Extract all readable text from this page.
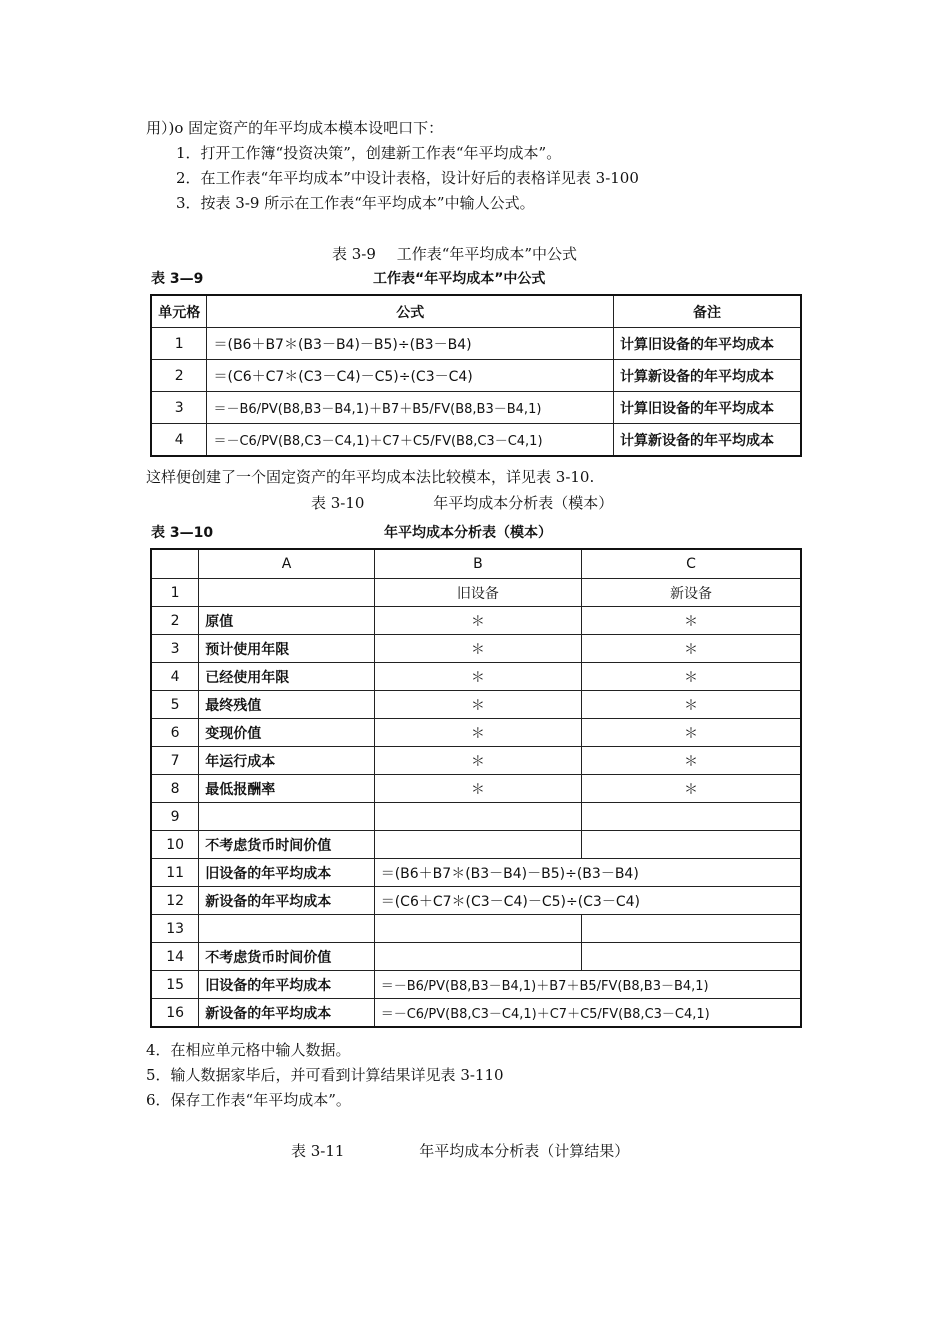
用）)o 固定资产的年平均成本模本设吧口下：
1．打开工作簿“投资决策”，创建新工作表“年平均成本”。
2．在工作表“年平均成本”中设计表格，设计好后的表格详见表 3-100
3．按表 3-9 所示在工作表“年平均成本”中输人公式。
表 3-9 工作表“年平均成本”中公式
表 3—9	工作表“年平均成本”中公式
单元格	公式	备注
1	＝(B6＋B7＊(B3－B4)－B5)÷(B3－B4)	计算旧设备的年平均成本
2	＝(C6＋C7＊(C3－C4)－C5)÷(C3－C4)	计算新设备的年平均成本
3	＝－B6/PV(B8,B3－B4,1)＋B7＋B5/FV(B8,B3－B4,1)	计算旧设备的年平均成本
4	＝－C6/PV(B8,C3－C4,1)＋C7＋C5/FV(B8,C3－C4,1)	计算新设备的年平均成本
这样便创建了一个固定资产的年平均成本法比较模本，详见表 3-10.
表 3-10	年平均成本分析表（模本）
表 3—10	年平均成本分析表（模本）
	A	B	C
1		旧设备	新设备
2	原值	＊	＊
3	预计使用年限	＊	＊
4	已经使用年限	＊	＊
5	最终残值	＊	＊
6	变现价值	＊	＊
7	年运行成本	＊	＊
8	最低报酬率	＊	＊
9			
10	不考虑货币时间价值		
11	旧设备的年平均成本	＝(B6＋B7＊(B3－B4)－B5)÷(B3－B4)	
12	新设备的年平均成本	＝(C6＋C7＊(C3－C4)－C5)÷(C3－C4)	
13			
14	不考虑货币时间价值		
15	旧设备的年平均成本	＝－B6/PV(B8,B3－B4,1)＋B7＋B5/FV(B8,B3－B4,1)	
16	新设备的年平均成本	＝－C6/PV(B8,C3－C4,1)＋C7＋C5/FV(B8,C3－C4,1)	
4．在相应单元格中输人数据。
5．输人数据家毕后，并可看到计算结果详见表 3-110
6．保存工作表“年平均成本”。
表 3-11	年平均成本分析表（计算结果）
